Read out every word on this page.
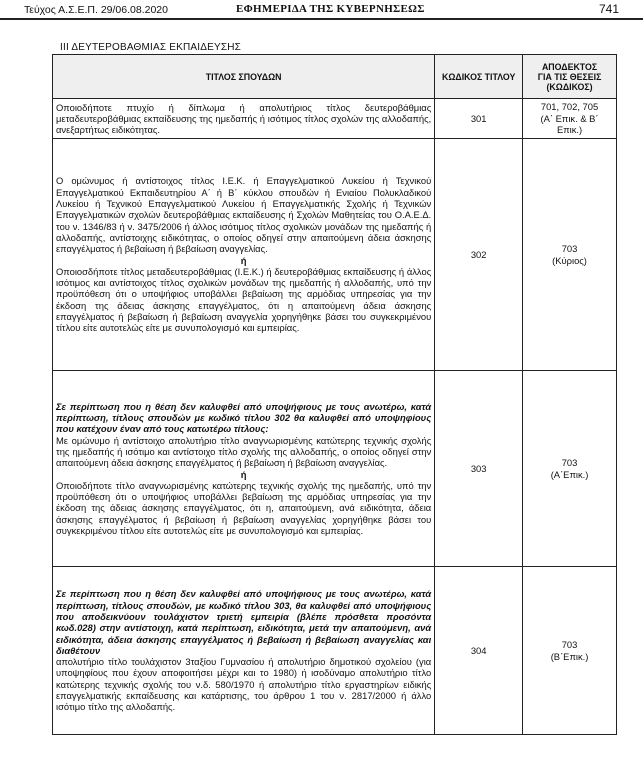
Τεύχος Α.Σ.Ε.Π. 29/06.08.2020	ΕΦΗΜΕΡΙΔΑ ΤΗΣ ΚΥΒΕΡΝΗΣΕΩΣ	741
ΙΙΙ ΔΕΥΤΕΡΟΒΑΘΜΙΑΣ ΕΚΠΑΙΔΕΥΣΗΣ
ΤΙΤΛΟΣ ΣΠΟΥΔΩΝ	ΚΩΔΙΚΟΣ ΤΙΤΛΟΥ	ΑΠΟΔΕΚΤΟΣ
ΓΙΑ ΤΙΣ ΘΕΣΕΙΣ
(ΚΩΔΙΚΟΣ)

Οποιοδήποτε πτυχίο ή δίπλωμα ή απολυτήριος τίτλος δευτεροβάθμιας μεταδευτεροβάθμιας εκπαίδευσης της ημεδαπής ή ισότιμος τίτλος σχολών της αλλοδαπής, ανεξαρτήτως ειδικότητας.	301	701, 702, 705
(Α΄ Επικ. & Β΄
Επικ.)

Ο ομώνυμος ή αντίστοιχος τίτλος Ι.Ε.Κ. ή Επαγγελματικού Λυκείου ή Τεχνικού Επαγγελματικού Εκπαιδευτηρίου Α΄ ή Β΄ κύκλου σπουδών ή Ενιαίου Πολυκλαδικού Λυκείου ή Τεχνικού Επαγγελματικού Λυκείου ή Επαγγελματικής Σχολής ή Τεχνικών Επαγγελματικών σχολών δευτεροβάθμιας εκπαίδευσης ή Σχολών Μαθητείας του Ο.Α.Ε.Δ. του ν. 1346/83 ή ν. 3475/2006 ή άλλος ισότιμος τίτλος σχολικών μονάδων της ημεδαπής ή αλλοδαπής, αντίστοιχης ειδικότητας, ο οποίος οδηγεί στην απαιτούμενη άδεια άσκησης επαγγέλματος ή βεβαίωση ή βεβαίωση αναγγελίας.
ή
Οποιοσδήποτε τίτλος μεταδευτεροβάθμιας (Ι.Ε.Κ.) ή δευτεροβάθμιας εκπαίδευσης ή άλλος ισότιμος και αντίστοιχος τίτλος σχολικών μονάδων της ημεδαπής ή αλλοδαπής, υπό την προϋπόθεση ότι ο υποψήφιος υποβάλλει βεβαίωση της αρμόδιας υπηρεσίας για την έκδοση της άδειας άσκησης επαγγέλματος, ότι η απαιτούμενη άδεια άσκησης επαγγέλματος ή βεβαίωση ή βεβαίωση αναγγελία χορηγήθηκε βάσει του συγκεκριμένου τίτλου είτε αυτοτελώς είτε με συνυπολογισμό και εμπειρίας.	302	703
(Κύριος)

Σε περίπτωση που η θέση δεν καλυφθεί από υποψήφιους με τους ανωτέρω, κατά περίπτωση, τίτλους σπουδών με κωδικό τίτλου 302 θα καλυφθεί από υποψηφίους που κατέχουν έναν από τους κατωτέρω τίτλους:
Με ομώνυμο ή αντίστοιχο απολυτήριο τίτλο αναγνωρισμένης κατώτερης τεχνικής σχολής της ημεδαπής ή ισότιμο και αντίστοιχο τίτλο σχολής της αλλοδαπής, ο οποίος οδηγεί στην απαιτούμενη άδεια άσκησης επαγγέλματος ή βεβαίωση ή βεβαίωση αναγγελίας.
ή
Οποιοδήποτε τίτλο αναγνωρισμένης κατώτερης τεχνικής σχολής της ημεδαπής, υπό την προϋπόθεση ότι ο υποψήφιος υποβάλλει βεβαίωση της αρμόδιας υπηρεσίας για την έκδοση της άδειας άσκησης επαγγέλματος, ότι η, απαιτούμενη, ανά ειδικότητα, άδεια άσκησης επαγγέλματος ή βεβαίωση ή βεβαίωση αναγγελίας χορηγήθηκε βάσει του συγκεκριμένου τίτλου είτε αυτοτελώς είτε με συνυπολογισμό και εμπειρίας.	303	703
(Α΄Επικ.)

Σε περίπτωση που η θέση δεν καλυφθεί από υποψήφιους με τους ανωτέρω, κατά περίπτωση, τίτλους σπουδών, με κωδικό τίτλου 303, θα καλυφθεί από υποψήφιους που αποδεικνύουν τουλάχιστον τριετή εμπειρία (βλέπε πρόσθετα προσόντα κωδ.028) στην αντίστοιχη, κατά περίπτωση, ειδικότητα, μετά την απαιτούμενη, ανά ειδικότητα, άδεια άσκησης επαγγέλματος ή βεβαίωση ή βεβαίωση αναγγελίας και διαθέτουν
απολυτήριο τίτλο τουλάχιστον 3ταξίου Γυμνασίου ή απολυτήριο δημοτικού σχολείου (για υποψηφίους που έχουν αποφοιτήσει μέχρι και το 1980) ή ισοδύναμο απολυτήριο τίτλο κατώτερης τεχνικής σχολής του ν.δ. 580/1970 ή απολυτήριο τίτλο εργαστηρίων ειδικής επαγγελματικής εκπαίδευσης και κατάρτισης, του άρθρου 1 του ν. 2817/2000 ή άλλο ισότιμο τίτλο της αλλοδαπής.	304	703
(Β΄Επικ.)
